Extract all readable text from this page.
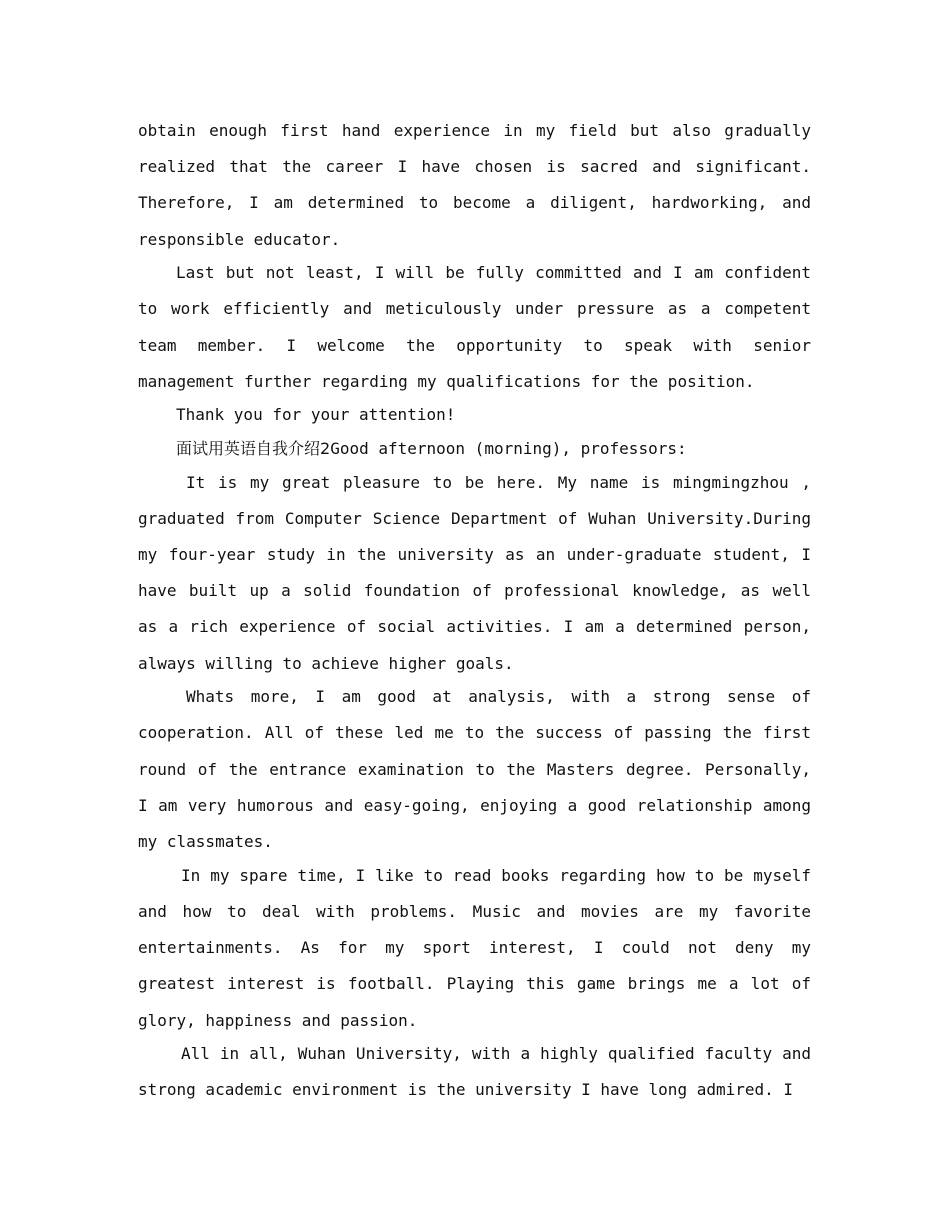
obtain enough first hand experience in my field but also gradually realized that the career I have chosen is sacred and significant. Therefore, I am determined to become a diligent, hardworking, and responsible educator.

Last but not least, I will be fully committed and I am confident to work efficiently and meticulously under pressure as a competent team member. I welcome the opportunity to speak with senior management further regarding my qualifications for the position.

Thank you for your attention!

面试用英语自我介绍2Good afternoon (morning), professors:

It is my great pleasure to be here. My name is mingmingzhou , graduated from Computer Science Department of Wuhan University.During my four-year study in the university as an under-graduate student, I have built up a solid foundation of professional knowledge, as well as a rich experience of social activities. I am a determined person, always willing to achieve higher goals.

Whats more, I am good at analysis, with a strong sense of cooperation. All of these led me to the success of passing the first round of the entrance examination to the Masters degree. Personally, I am very humorous and easy-going, enjoying a good relationship among my classmates.

In my spare time, I like to read books regarding how to be myself and how to deal with problems. Music and movies are my favorite entertainments. As for my sport interest, I could not deny my greatest interest is football. Playing this game brings me a lot of glory, happiness and passion.

All in all, Wuhan University, with a highly qualified faculty and strong academic environment is the university I have long admired. I
